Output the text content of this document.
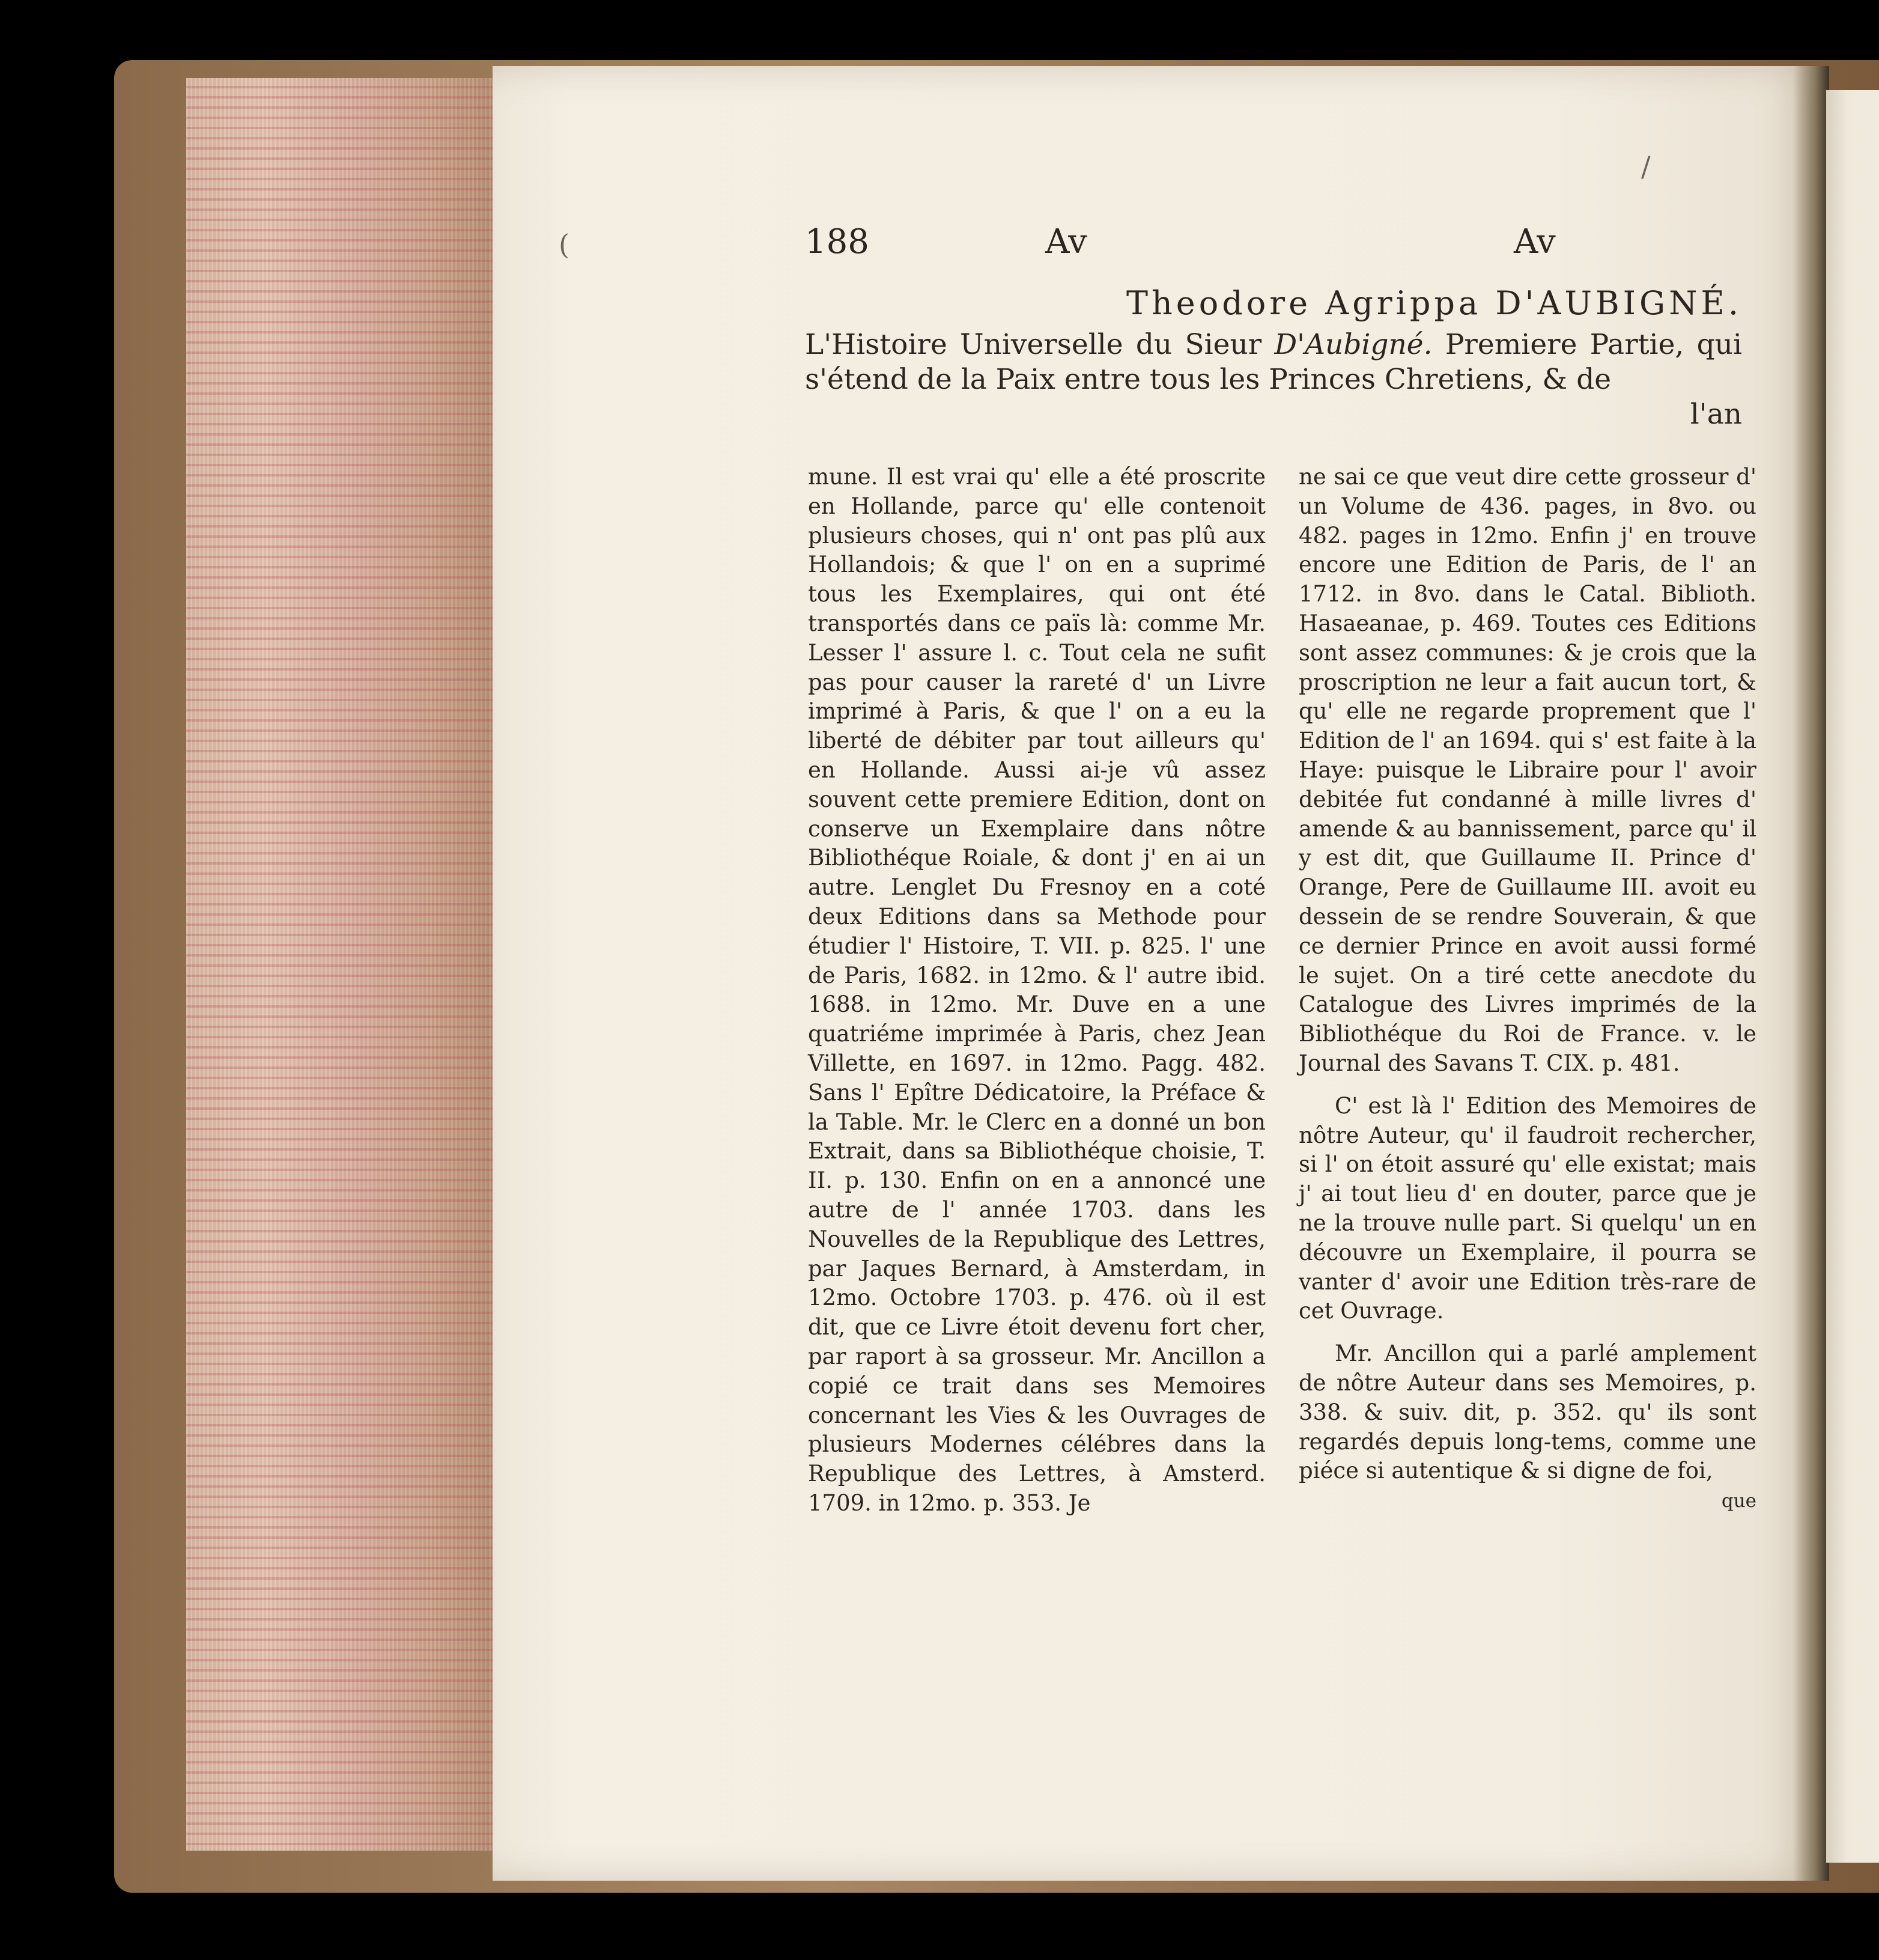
/
(	188	Av	Av
Theodore Agrippa D'AUBIGNÉ.
L'Histoire Universelle du Sieur D'Aubigné. Premiere Partie, qui s'étend de la Paix entre tous les Princes Chretiens, & de
l'an

mune. Il est vrai qu' elle a été proscrite en Hollande, parce qu' elle contenoit plusieurs choses, qui n' ont pas plû aux Hollandois; & que l' on en a suprimé tous les Exemplaires, qui ont été transportés dans ce païs là: comme Mr. Lesser l' assure l. c. Tout cela ne sufit pas pour causer la rareté d' un Livre imprimé à Paris, & que l' on a eu la liberté de débiter par tout ailleurs qu' en Hollande. Aussi ai-je vû assez souvent cette premiere Edition, dont on conserve un Exemplaire dans nôtre Bibliothéque Roiale, & dont j' en ai un autre. Lenglet Du Fresnoy en a coté deux Editions dans sa Methode pour étudier l' Histoire, T. VII. p. 825. l' une de Paris, 1682. in 12mo. & l' autre ibid. 1688. in 12mo. Mr. Duve en a une quatriéme imprimée à Paris, chez Jean Villette, en 1697. in 12mo. Pagg. 482. Sans l' Epître Dédicatoire, la Préface & la Table. Mr. le Clerc en a donné un bon Extrait, dans sa Bibliothéque choisie, T. II. p. 130. Enfin on en a annoncé une autre de l' année 1703. dans les Nouvelles de la Republique des Lettres, par Jaques Bernard, à Amsterdam, in 12mo. Octobre 1703. p. 476. où il est dit, que ce Livre étoit devenu fort cher, par raport à sa grosseur. Mr. Ancillon a copié ce trait dans ses Memoires concernant les Vies & les Ouvrages de plusieurs Modernes célébres dans la Republique des Lettres, à Amsterd. 1709. in 12mo. p. 353. Je

ne sai ce que veut dire cette grosseur d' un Volume de 436. pages, in 8vo. ou 482. pages in 12mo. Enfin j' en trouve encore une Edition de Paris, de l' an 1712. in 8vo. dans le Catal. Biblioth. Hasaeanae, p. 469. Toutes ces Editions sont assez communes: & je crois que la proscription ne leur a fait aucun tort, & qu' elle ne regarde proprement que l' Edition de l' an 1694. qui s' est faite à la Haye: puisque le Libraire pour l' avoir debitée fut condanné à mille livres d' amende & au bannissement, parce qu' il y est dit, que Guillaume II. Prince d' Orange, Pere de Guillaume III. avoit eu dessein de se rendre Souverain, & que ce dernier Prince en avoit aussi formé le sujet. On a tiré cette anecdote du Catalogue des Livres imprimés de la Bibliothéque du Roi de France. v. le Journal des Savans T. CIX. p. 481.

C' est là l' Edition des Memoires de nôtre Auteur, qu' il faudroit rechercher, si l' on étoit assuré qu' elle existat; mais j' ai tout lieu d' en douter, parce que je ne la trouve nulle part. Si quelqu' un en découvre un Exemplaire, il pourra se vanter d' avoir une Edition très-rare de cet Ouvrage.

Mr. Ancillon qui a parlé amplement de nôtre Auteur dans ses Memoires, p. 338. & suiv. dit, p. 352. qu' ils sont regardés depuis long-tems, comme une piéce si autentique & si digne de foi,

que
